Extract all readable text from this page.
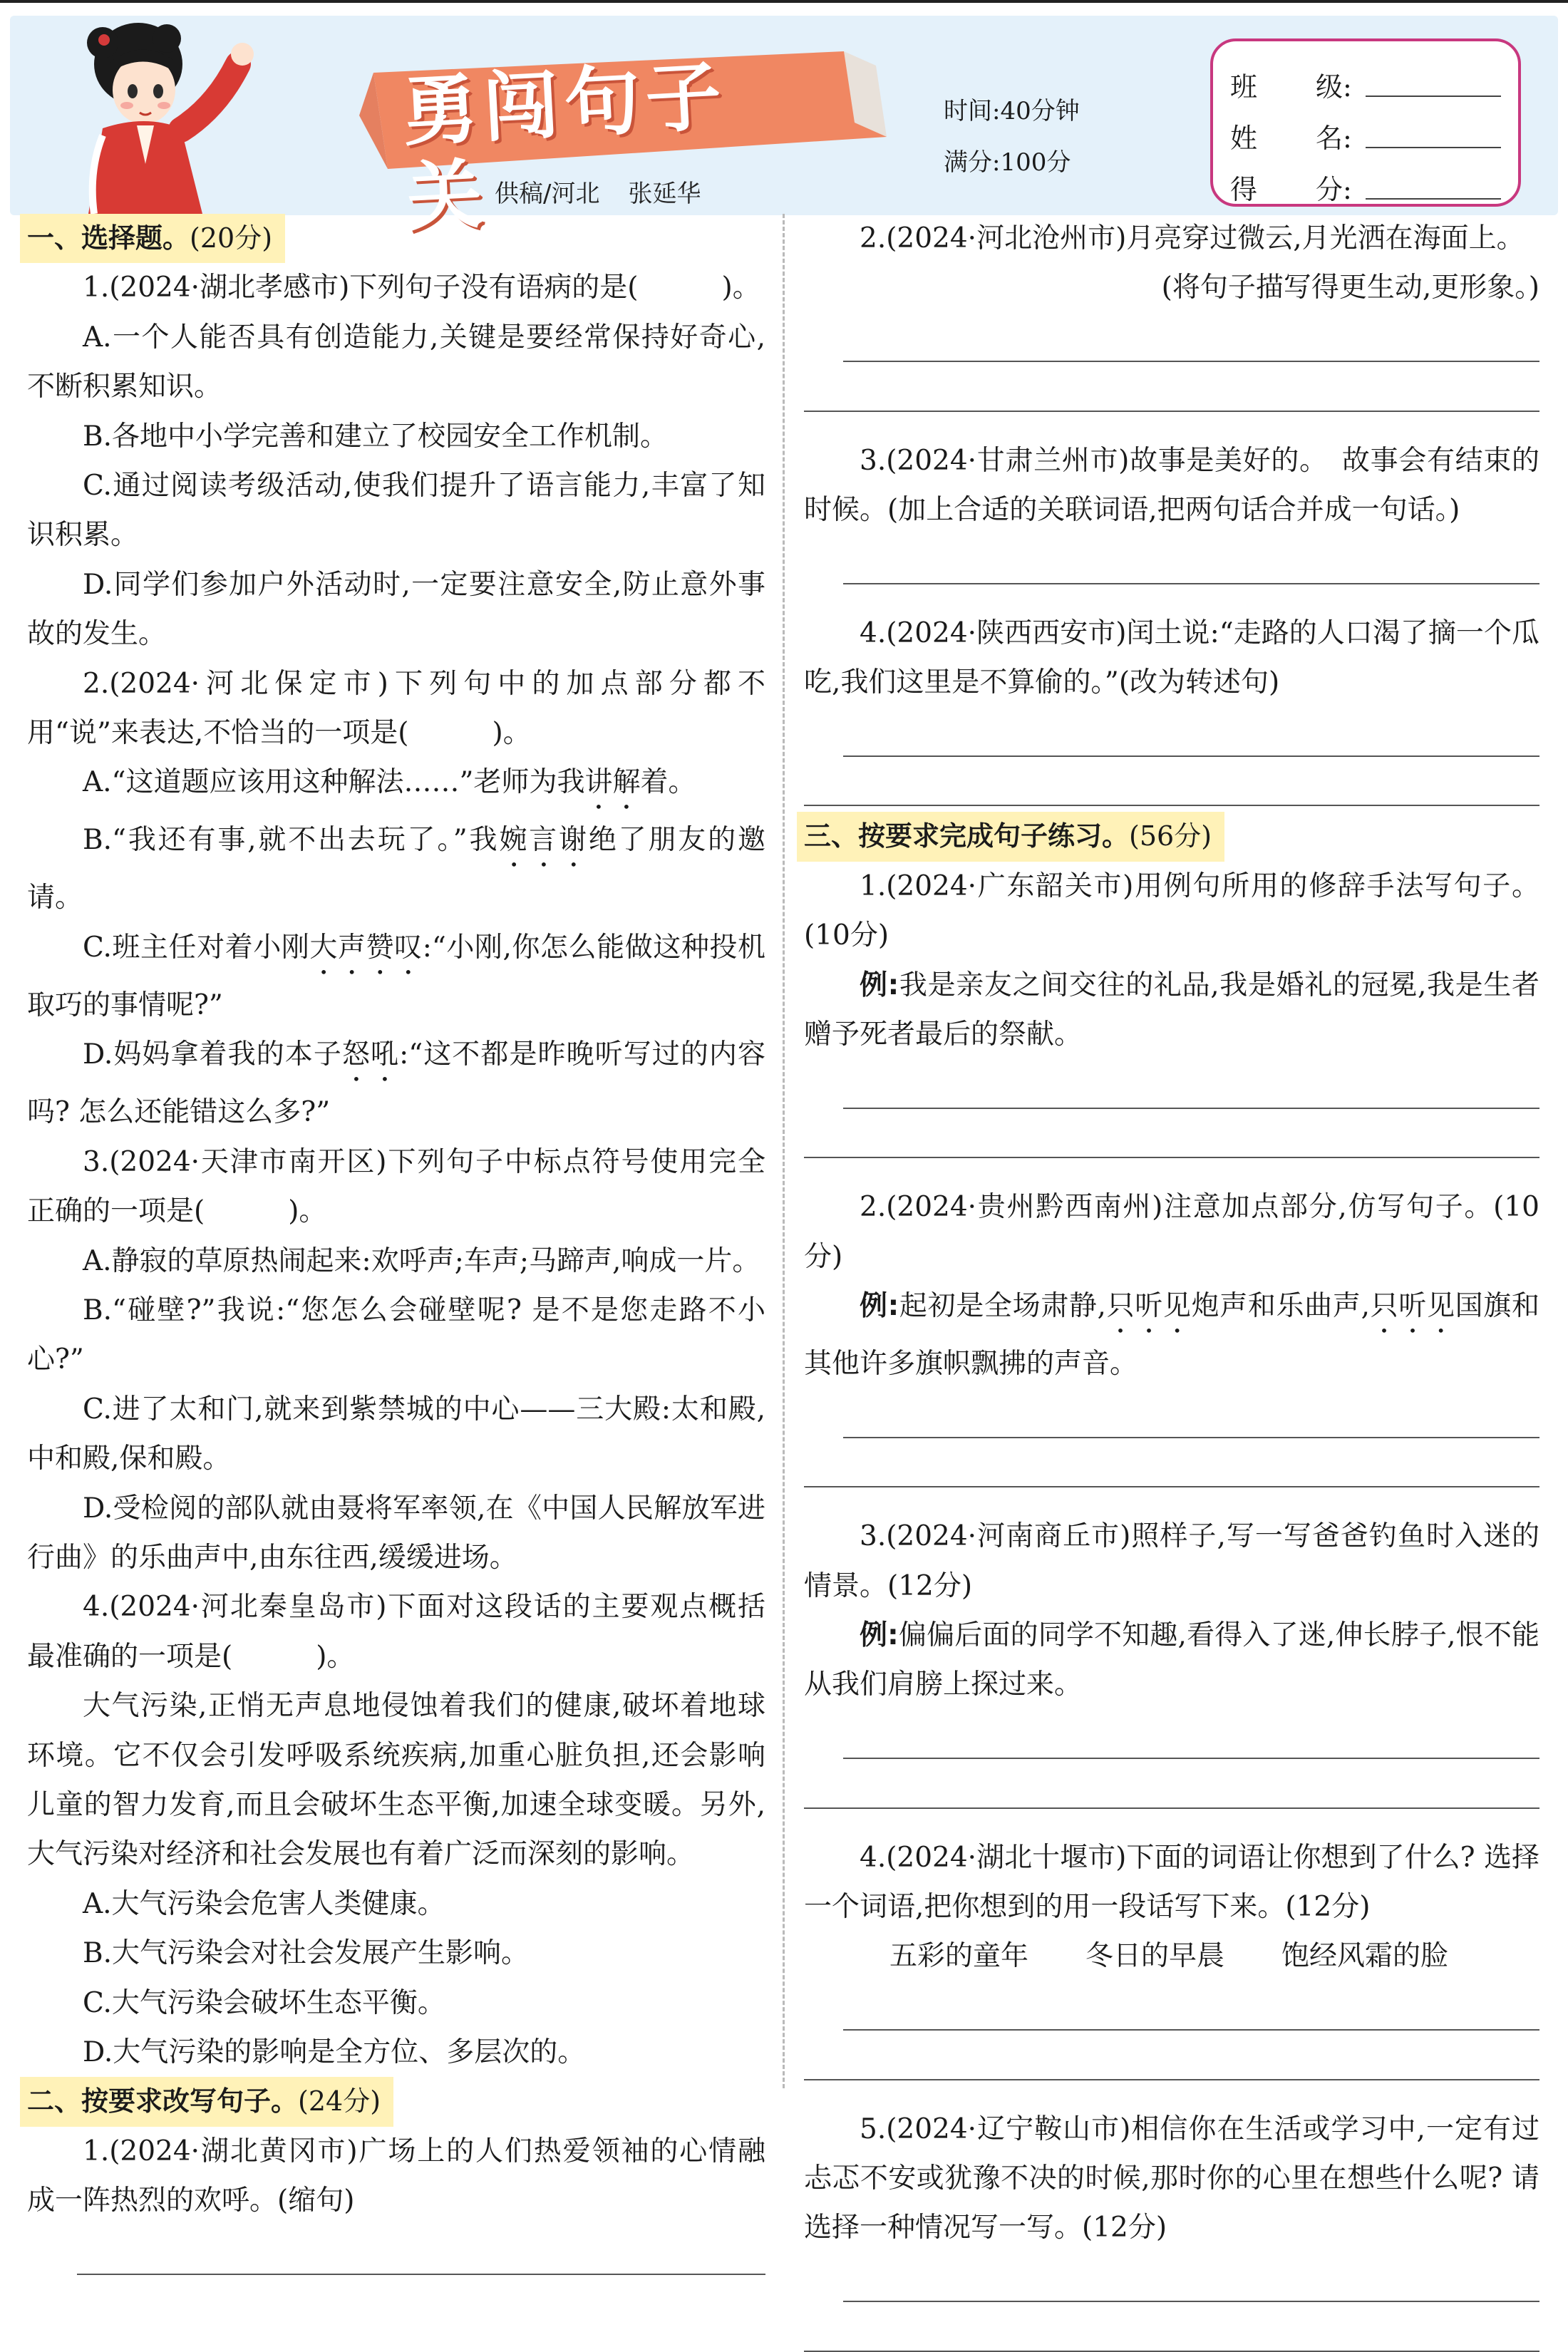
勇闯句子关 供稿/河北 张延华
时间:40分钟
满分:100分
班	级:
姓	名:
得	分:
一、选择题。(20分)
1.(2024·湖北孝感市)下列句子没有语病的是(　　　)。
A.一个人能否具有创造能力,关键是要经常保持好奇心,不断积累知识。
B.各地中小学完善和建立了校园安全工作机制。
C.通过阅读考级活动,使我们提升了语言能力,丰富了知识积累。
D.同学们参加户外活动时,一定要注意安全,防止意外事故的发生。
2.(2024·河北保定市)下列句中的加点部分都不用“说”来表达,不恰当的一项是(　　　)。
A.“这道题应该用这种解法……”老师为我讲解着。
B.“我还有事,就不出去玩了。”我婉言谢绝了朋友的邀请。
C.班主任对着小刚大声赞叹:“小刚,你怎么能做这种投机取巧的事情呢?”
D.妈妈拿着我的本子怒吼:“这不都是昨晚听写过的内容吗? 怎么还能错这么多?”
3.(2024·天津市南开区)下列句子中标点符号使用完全正确的一项是(　　　)。
A.静寂的草原热闹起来:欢呼声;车声;马蹄声,响成一片。
B.“碰壁?”我说:“您怎么会碰壁呢? 是不是您走路不小心?”
C.进了太和门,就来到紫禁城的中心——三大殿:太和殿,中和殿,保和殿。
D.受检阅的部队就由聂将军率领,在《中国人民解放军进行曲》的乐曲声中,由东往西,缓缓进场。
4.(2024·河北秦皇岛市)下面对这段话的主要观点概括最准确的一项是(　　　)。
大气污染,正悄无声息地侵蚀着我们的健康,破坏着地球环境。它不仅会引发呼吸系统疾病,加重心脏负担,还会影响儿童的智力发育,而且会破坏生态平衡,加速全球变暖。另外,大气污染对经济和社会发展也有着广泛而深刻的影响。
A.大气污染会危害人类健康。
B.大气污染会对社会发展产生影响。
C.大气污染会破坏生态平衡。
D.大气污染的影响是全方位、多层次的。
二、按要求改写句子。(24分)
1.(2024·湖北黄冈市)广场上的人们热爱领袖的心情融成一阵热烈的欢呼。(缩句)
2.(2024·河北沧州市)月亮穿过微云,月光洒在海面上。
(将句子描写得更生动,更形象。)
3.(2024·甘肃兰州市)故事是美好的。　故事会有结束的时候。(加上合适的关联词语,把两句话合并成一句话。)
4.(2024·陕西西安市)闰土说:“走路的人口渴了摘一个瓜吃,我们这里是不算偷的。”(改为转述句)
三、按要求完成句子练习。(56分)
1.(2024·广东韶关市)用例句所用的修辞手法写句子。(10分)
例:我是亲友之间交往的礼品,我是婚礼的冠冕,我是生者赠予死者最后的祭献。
2.(2024·贵州黔西南州)注意加点部分,仿写句子。(10分)
例:起初是全场肃静,只听见炮声和乐曲声,只听见国旗和其他许多旗帜飘拂的声音。
3.(2024·河南商丘市)照样子,写一写爸爸钓鱼时入迷的情景。(12分)
例:偏偏后面的同学不知趣,看得入了迷,伸长脖子,恨不能从我们肩膀上探过来。
4.(2024·湖北十堰市)下面的词语让你想到了什么? 选择一个词语,把你想到的用一段话写下来。(12分)
五彩的童年 冬日的早晨 饱经风霜的脸
5.(2024·辽宁鞍山市)相信你在生活或学习中,一定有过忐忑不安或犹豫不决的时候,那时你的心里在想些什么呢? 请选择一种情况写一写。(12分)
